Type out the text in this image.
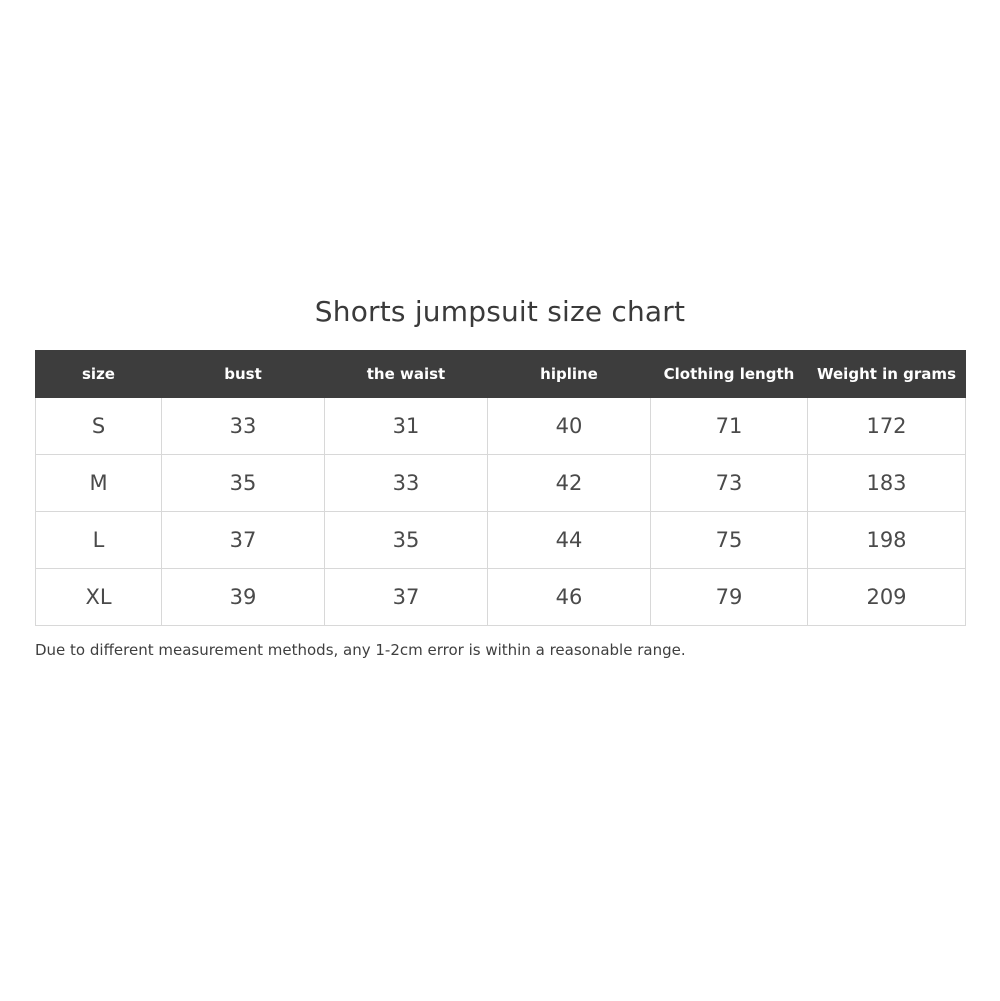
Shorts jumpsuit size chart
size	bust	the waist	hipline	Clothing length	Weight in grams
S	33	31	40	71	172
M	35	33	42	73	183
L	37	35	44	75	198
XL	39	37	46	79	209
Due to different measurement methods, any 1-2cm error is within a reasonable range.
